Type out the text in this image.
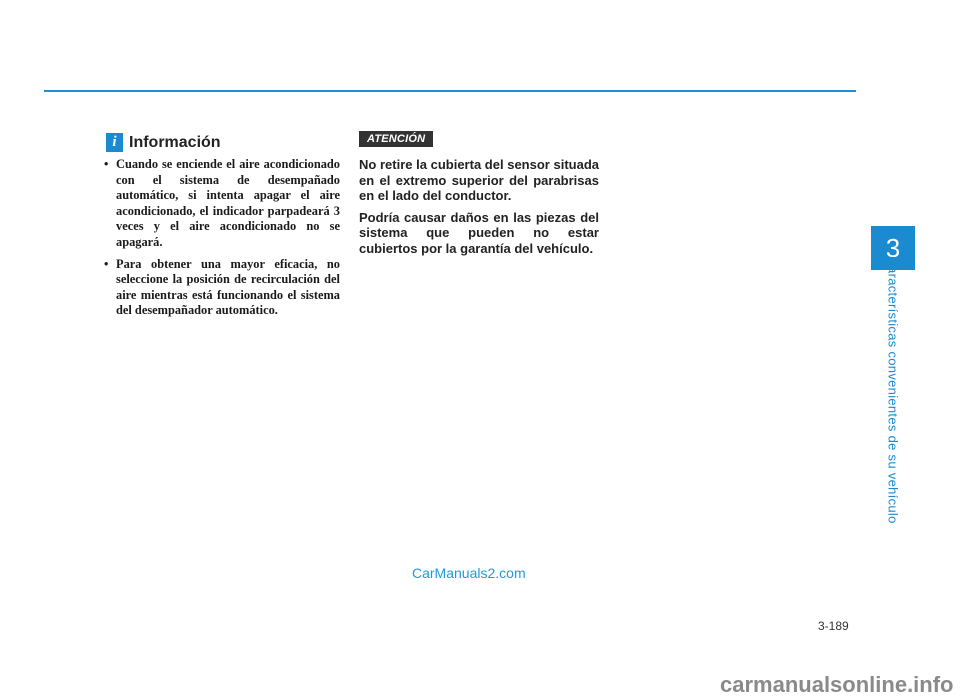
3
Características convenientes de su vehículo
i Información
• Cuando se enciende el aire acondicionado con el sistema de desempañado automático, si intenta apagar el aire acondicionado, el indicador parpadeará 3 veces y el aire acondicionado no se apagará.
• Para obtener una mayor eficacia, no seleccione la posición de recirculación del aire mientras está funcionando el sistema del desempañador automático.
ATENCIÓN

No retire la cubierta del sensor situada en el extremo superior del parabrisas en el lado del conductor.

Podría causar daños en las piezas del sistema que pueden no estar cubiertos por la garantía del vehículo.

CarManuals2.com
3-189
carmanualsonline.info
